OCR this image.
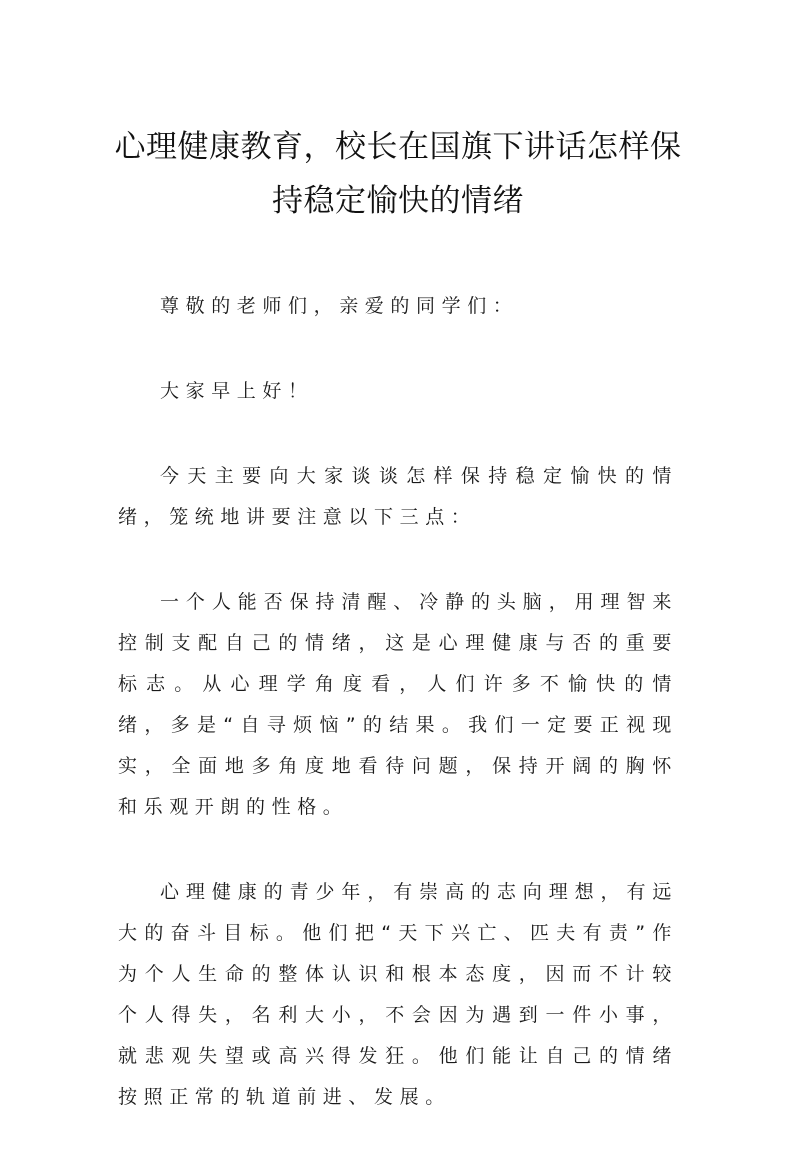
心理健康教育，校长在国旗下讲话怎样保持稳定愉快的情绪

尊敬的老师们，亲爱的同学们：

大家早上好！

今天主要向大家谈谈怎样保持稳定愉快的情绪，笼统地讲要注意以下三点：

一个人能否保持清醒、冷静的头脑，用理智来控制支配自己的情绪，这是心理健康与否的重要标志。从心理学角度看，人们许多不愉快的情绪，多是“自寻烦恼”的结果。我们一定要正视现实，全面地多角度地看待问题，保持开阔的胸怀和乐观开朗的性格。

心理健康的青少年，有崇高的志向理想，有远大的奋斗目标。他们把“天下兴亡、匹夫有责”作为个人生命的整体认识和根本态度，因而不计较个人得失，名利大小，不会因为遇到一件小事，就悲观失望或高兴得发狂。他们能让自己的情绪按照正常的轨道前进、发展。
